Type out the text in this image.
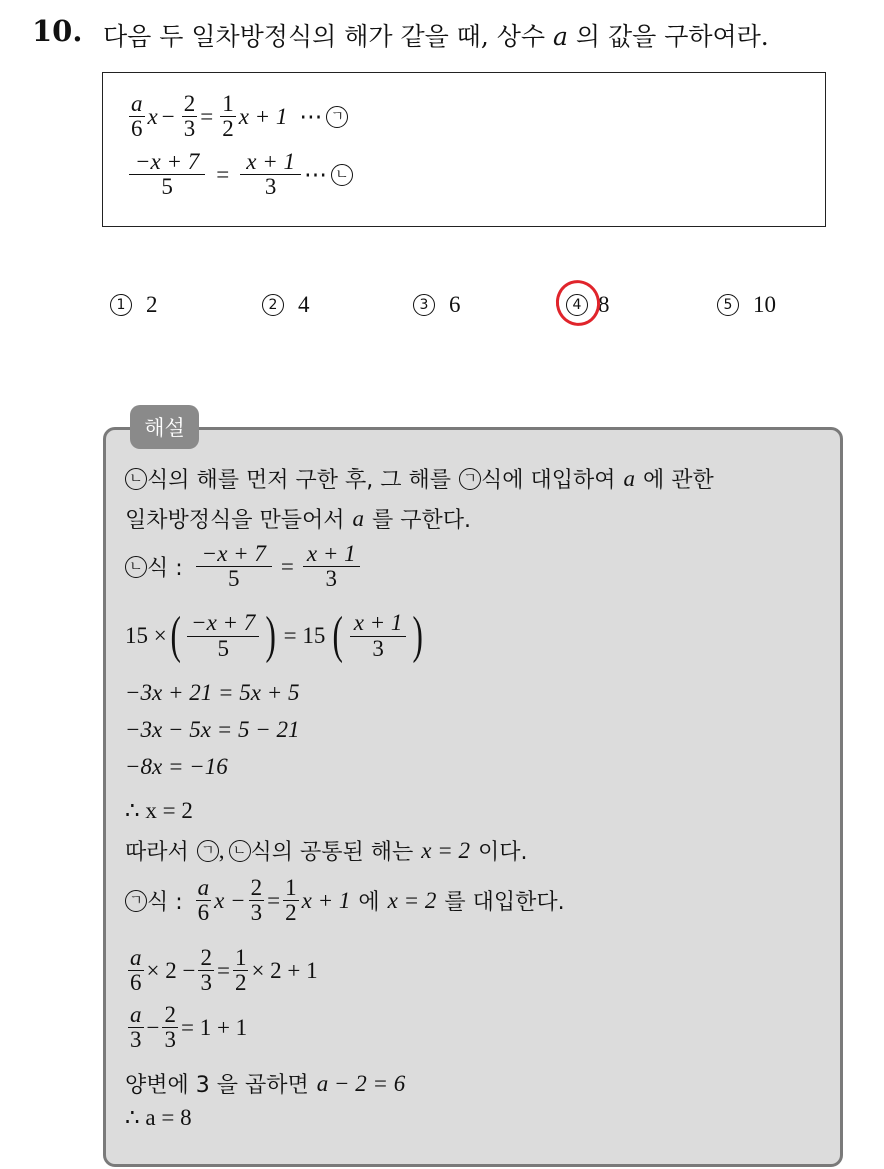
10. 다음 두 일차방정식의 해가 같을 때, 상수 a 의 값을 구하여라.
$\frac{a}{6}$ $x - \frac{2}{3} = \frac{1}{2}$ x + 1 ⋯ ㄱ
$\frac{-x + 7}{5} = \frac{x + 1}{3}$ ⋯ ㄴ
1 2	2 4	3 6	4 8	5 10
해설
ㄴ 식의 해를 먼저 구한 후, 그 해를 ㄱ 식에 대입하여 a 에 관한
일차방정식을 만들어서 a 를 구한다.
ㄴ 식 : $\frac{-x + 7}{5} = \frac{x + 1}{3}$
15 × ( $\frac{-x + 7}{5}$ ) = 15 ( $\frac{x + 1}{3}$ )
−3x + 21 = 5x + 5
−3x − 5x = 5 − 21
−8x = −16
∴ x = 2
따라서 ㄱ , ㄴ 식의 공통된 해는 x = 2 이다.
ㄱ 식 : $\frac{a}{6}$ $x - \frac{2}{3} = \frac{1}{2}$ x + 1 에 x = 2 를 대입한다.
$\frac{a}{6} \times 2 - \frac{2}{3} = \frac{1}{2} \times 2 + 1$
$\frac{a}{3} - \frac{2}{3} = 1 + 1$
양변에 3 을 곱하면 a − 2 = 6
∴ a = 8
